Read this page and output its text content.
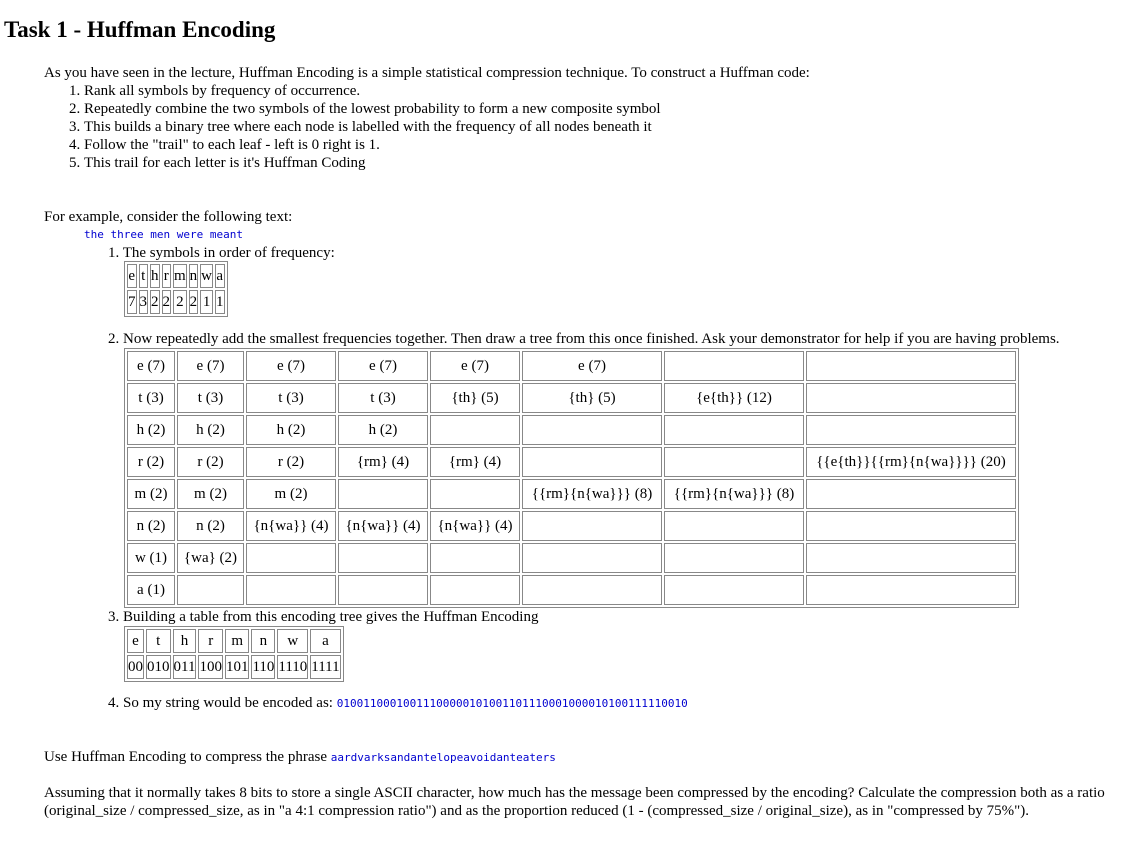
Task 1 - Huffman Encoding
As you have seen in the lecture, Huffman Encoding is a simple statistical compression technique. To construct a Huffman code:
1. Rank all symbols by frequency of occurrence.
2. Repeatedly combine the two symbols of the lowest probability to form a new composite symbol
3. This builds a binary tree where each node is labelled with the frequency of all nodes beneath it
4. Follow the "trail" to each leaf - left is 0 right is 1.
5. This trail for each letter is it's Huffman Coding
For example, consider the following text:
the three men were meant
1. The symbols in order of frequency:
2. Now repeatedly add the smallest frequencies together. Then draw a tree from this once finished. Ask your demonstrator for help if you are having problems.
3. Building a table from this encoding tree gives the Huffman Encoding
4. So my string would be encoded as: 01001100010011100000101001101110001000010100111110010
e	t	h	r	m	n	w	a
7	3	2	2	2	2	1	1
e (7)	e (7)	e (7)	e (7)	e (7)	e (7)		
t (3)	t (3)	t (3)	t (3)	{th} (5)	{th} (5)	{e{th}} (12)	
h (2)	h (2)	h (2)	h (2)				
r (2)	r (2)	r (2)	{rm} (4)	{rm} (4)			{{e{th}}{{rm}{n{wa}}}} (20)
m (2)	m (2)	m (2)			{{rm}{n{wa}}} (8)	{{rm}{n{wa}}} (8)	
n (2)	n (2)	{n{wa}} (4)	{n{wa}} (4)	{n{wa}} (4)			
w (1)	{wa} (2)						
a (1)							
e	t	h	r	m	n	w	a
00	010	011	100	101	110	1110	1111
Use Huffman Encoding to compress the phrase aardvarksandantelopeavoidanteaters
Assuming that it normally takes 8 bits to store a single ASCII character, how much has the message been compressed by the encoding? Calculate the compression both as a ratio (original_size / compressed_size, as in "a 4:1 compression ratio") and as the proportion reduced (1 - (compressed_size / original_size), as in "compressed by 75%").
